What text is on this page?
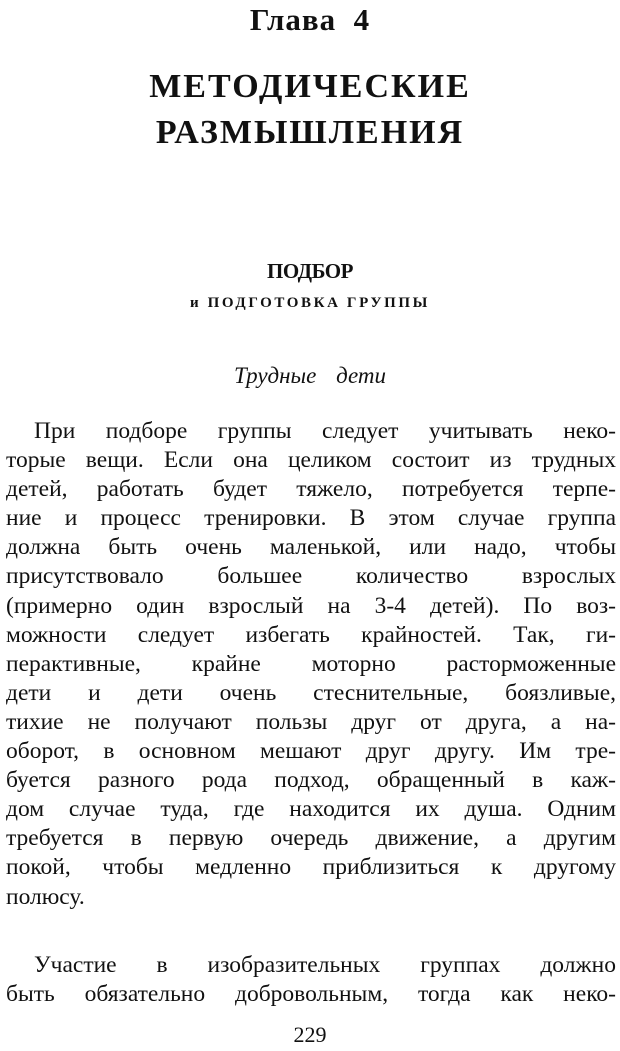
Глава  4
МЕТОДИЧЕСКИЕ
РАЗМЫШЛЕНИЯ
ПОДБОР
и ПОДГОТОВКА ГРУППЫ
Трудные дети
При подборе группы следует учитывать неко-
торые вещи. Если она целиком состоит из трудных
детей, работать будет тяжело, потребуется терпе-
ние и процесс тренировки. В этом случае группа
должна быть очень маленькой, или надо, чтобы
присутствовало большее количество взрослых
(примерно один взрослый на 3-4 детей). По воз-
можности следует избегать крайностей. Так, ги-
перактивные, крайне моторно расторможенные
дети и дети очень стеснительные, боязливые,
тихие не получают пользы друг от друга, а на-
оборот, в основном мешают друг другу. Им тре-
буется разного рода подход, обращенный в каж-
дом случае туда, где находится их душа. Одним
требуется в первую очередь движение, а другим
покой, чтобы медленно приблизиться к другому
полюсу.
Участие в изобразительных группах должно
быть обязательно добровольным, тогда как неко-
229
